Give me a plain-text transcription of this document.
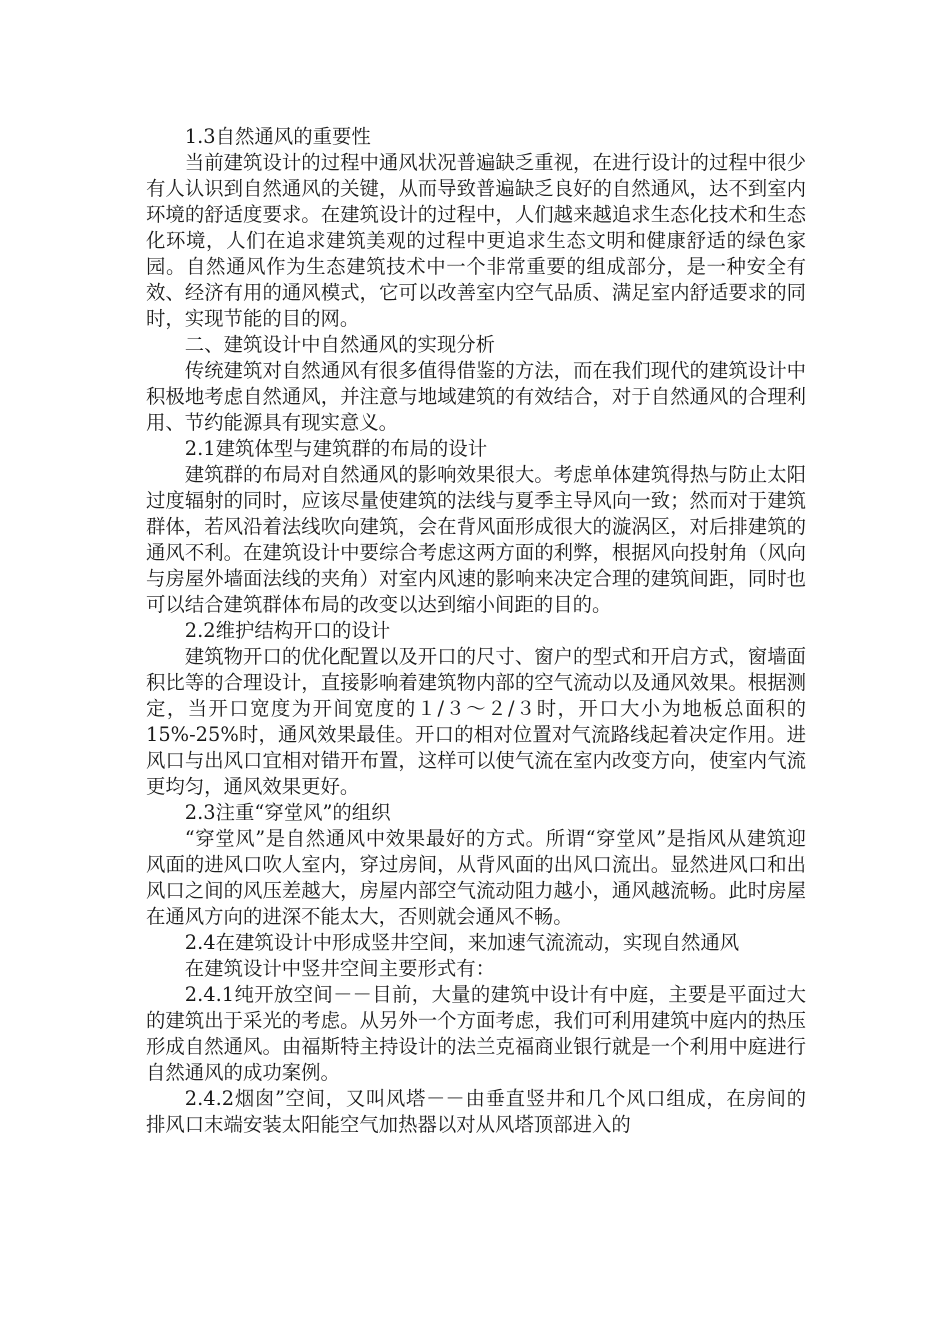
1.3自然通风的重要性

当前建筑设计的过程中通风状况普遍缺乏重视，在进行设计的过程中很少有人认识到自然通风的关键，从而导致普遍缺乏良好的自然通风，达不到室内环境的舒适度要求。在建筑设计的过程中，人们越来越追求生态化技术和生态化环境，人们在追求建筑美观的过程中更追求生态文明和健康舒适的绿色家园。自然通风作为生态建筑技术中一个非常重要的组成部分，是一种安全有效、经济有用的通风模式，它可以改善室内空气品质、满足室内舒适要求的同时，实现节能的目的网。

二、建筑设计中自然通风的实现分析

传统建筑对自然通风有很多值得借鉴的方法，而在我们现代的建筑设计中积极地考虑自然通风，并注意与地域建筑的有效结合，对于自然通风的合理利用、节约能源具有现实意义。

2.1建筑体型与建筑群的布局的设计

建筑群的布局对自然通风的影响效果很大。考虑单体建筑得热与防止太阳过度辐射的同时，应该尽量使建筑的法线与夏季主导风向一致；然而对于建筑群体，若风沿着法线吹向建筑，会在背风面形成很大的漩涡区，对后排建筑的通风不利。在建筑设计中要综合考虑这两方面的利弊，根据风向投射角（风向与房屋外墙面法线的夹角）对室内风速的影响来决定合理的建筑间距，同时也可以结合建筑群体布局的改变以达到缩小间距的目的。

2.2维护结构开口的设计

建筑物开口的优化配置以及开口的尺寸、窗户的型式和开启方式，窗墙面积比等的合理设计，直接影响着建筑物内部的空气流动以及通风效果。根据测定，当开口宽度为开间宽度的１/３～２/３时，开口大小为地板总面积的15%-25%时，通风效果最佳。开口的相对位置对气流路线起着决定作用。进风口与出风口宜相对错开布置，这样可以使气流在室内改变方向，使室内气流更均匀，通风效果更好。

2.3注重“穿堂风”的组织

“穿堂风”是自然通风中效果最好的方式。所谓“穿堂风”是指风从建筑迎风面的进风口吹人室内，穿过房间，从背风面的出风口流出。显然进风口和出风口之间的风压差越大，房屋内部空气流动阻力越小，通风越流畅。此时房屋在通风方向的进深不能太大，否则就会通风不畅。

2.4在建筑设计中形成竖井空间，来加速气流流动，实现自然通风

在建筑设计中竖井空间主要形式有：

2.4.1纯开放空间－－目前，大量的建筑中设计有中庭，主要是平面过大的建筑出于采光的考虑。从另外一个方面考虑，我们可利用建筑中庭内的热压形成自然通风。由福斯特主持设计的法兰克福商业银行就是一个利用中庭进行自然通风的成功案例。

2.4.2烟囱”空间，又叫风塔－－由垂直竖井和几个风口组成，在房间的排风口末端安装太阳能空气加热器以对从风塔顶部进入的
